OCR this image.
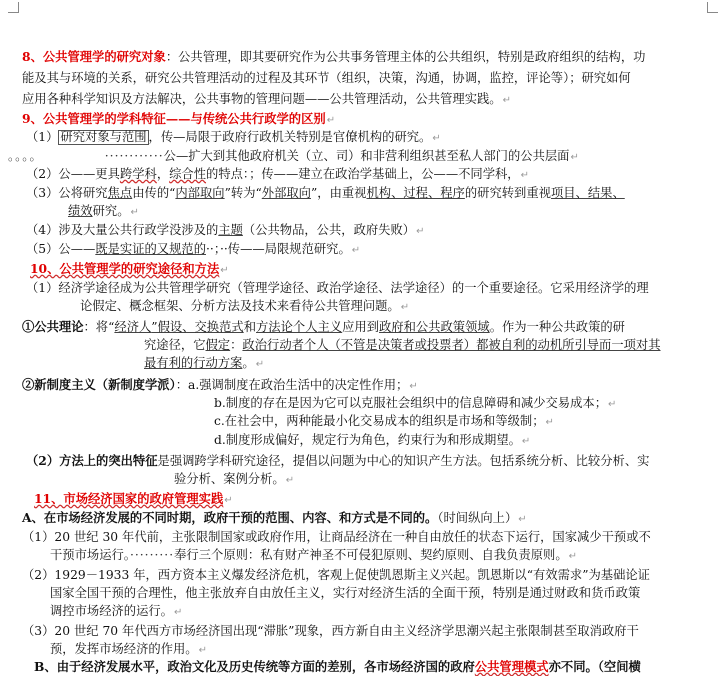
8、公共管理学的研究对象：公共管理，即其要研究作为公共事务管理主体的公共组织，特别是政府组织的结构，功
能及其与环境的关系，研究公共管理活动的过程及其环节（组织，决策，沟通，协调，监控，评论等）；研究如何
应用各种科学知识及方法解决，公共事物的管理问题——公共管理活动，公共管理实践。↵
9、公共管理学的学科特征——与传统公共行政学的区别↵
（1） 研究对象与范围 ，传—局限于政府行政机关特别是官僚机构的研究。↵
。。。。	············公—扩大到其他政府机关（立、司）和非营利组织甚至私人部门的公共层面↵
（2）公——更具跨学科，综合性的特点：；传——建立在政治学基础上，公——不同学科，↵
（3）公将研究焦点由传的“内部取向”转为“外部取向”，由重视机构、过程、程序的研究转到重视项目、结果、
绩效研究。↵
（4）涉及大量公共行政学没涉及的主题（公共物品，公共，政府失败）↵
（5）公——既是实证的又规范的··；··传——局限规范研究。↵
10、公共管理学的研究途径和方法↵
（1）经济学途径成为公共管理学研究（管理学途径、政治学途径、法学途径）的一个重要途径。它采用经济学的理
论假定、概念框架、分析方法及技术来看待公共管理问题。↵
①公共理论：将“经济人”假设、交换范式和方法论个人主义应用到政府和公共政策领域。作为一种公共政策的研
究途径，它假定：政治行动者个人（不管是决策者或投票者）都被自利的动机所引导而一项对其
最有利的行动方案。↵
②新制度主义（新制度学派）：a.强调制度在政治生活中的决定性作用；↵
b.制度的存在是因为它可以克服社会组织中的信息障碍和减少交易成本；↵
c.在社会中，两种能最小化交易成本的组织是市场和等级制；↵
d.制度形成偏好，规定行为角色，约束行为和形成期望。↵
（2）方法上的突出特征是强调跨学科研究途径，提倡以问题为中心的知识产生方法。包括系统分析、比较分析、实
验分析、案例分析。↵
11、市场经济国家的政府管理实践↵
A、在市场经济发展的不同时期，政府干预的范围、内容、和方式是不同的。（时间纵向上）↵
（1）20 世纪 30 年代前，主张限制国家或政府作用，让商品经济在一种自由放任的状态下运行，国家减少干预或不
干预市场运行。·········奉行三个原则：私有财产神圣不可侵犯原则、契约原则、自我负责原则。↵
（2）1929－1933 年，西方资本主义爆发经济危机，客观上促使凯恩斯主义兴起。凯恩斯以“有效需求”为基础论证
国家全国干预的合理性，他主张放弃自由放任主义，实行对经济生活的全面干预，特别是通过财政和货币政策
调控市场经济的运行。↵
（3）20 世纪 70 年代西方市场经济国出现“滞胀”现象，西方新自由主义经济学思潮兴起主张限制甚至取消政府干
预，发挥市场经济的作用。↵
B、由于经济发展水平，政治文化及历史传统等方面的差别，各市场经济国的政府公共管理模式亦不同。（空间横
